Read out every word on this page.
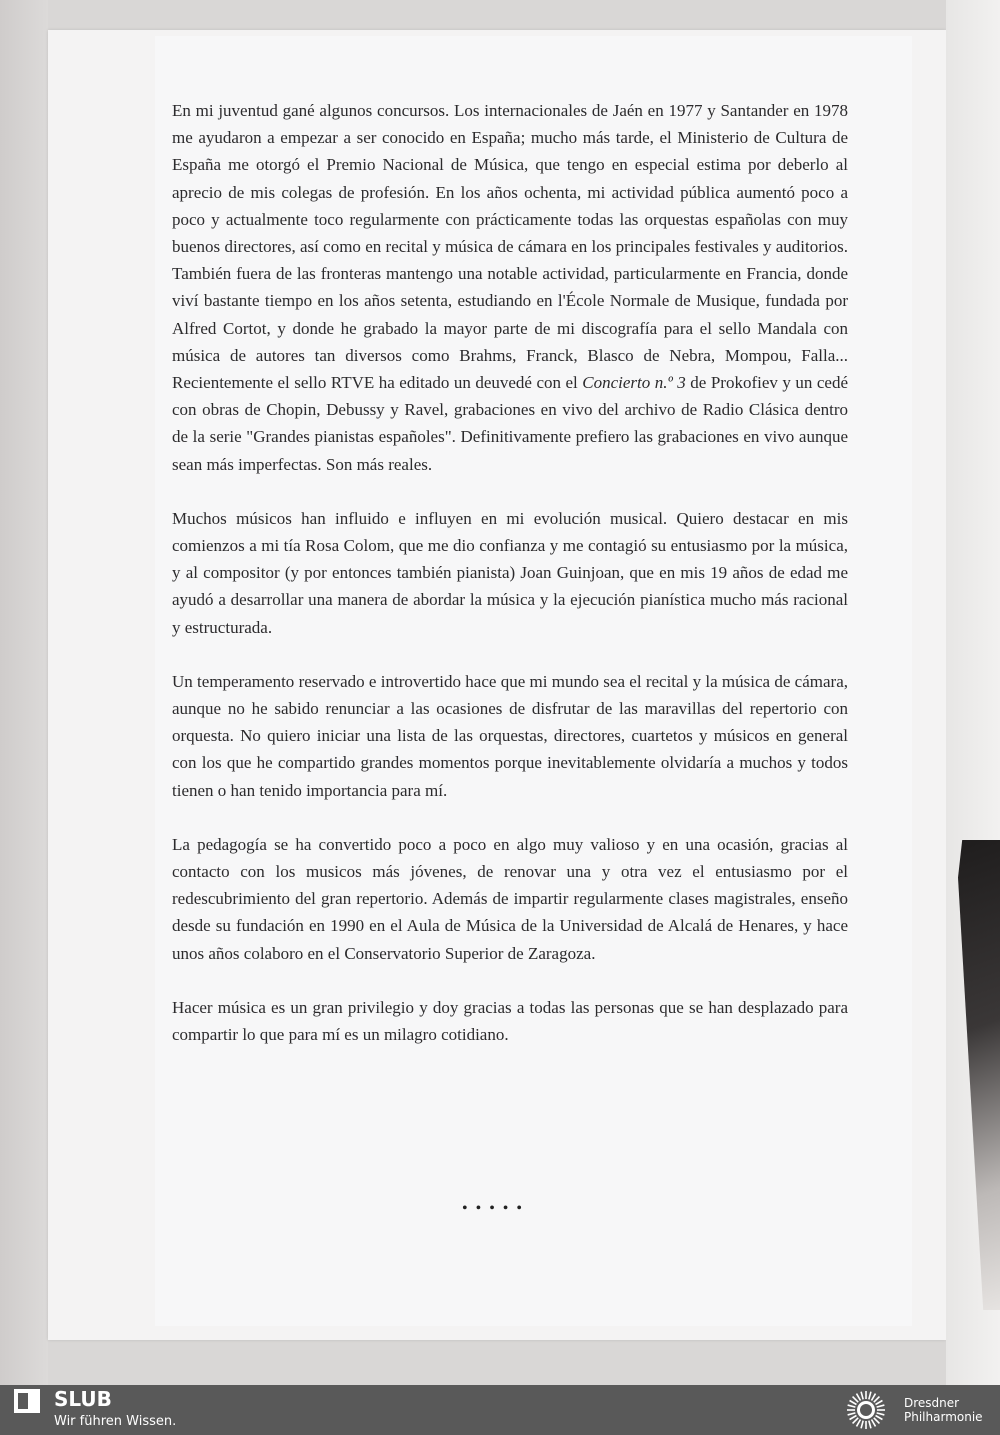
En mi juventud gané algunos concursos. Los internacionales de Jaén en 1977 y Santander en 1978 me ayudaron a empezar a ser conocido en España; mucho más tarde, el Ministerio de Cultura de España me otorgó el Premio Nacional de Música, que tengo en especial estima por deberlo al aprecio de mis colegas de profesión. En los años ochenta, mi actividad pública aumentó poco a poco y actualmente toco regularmente con prácticamente todas las orquestas españolas con muy buenos directores, así como en recital y música de cámara en los principales festivales y auditorios. También fuera de las fronteras mantengo una notable actividad, particularmente en Francia, donde viví bastante tiempo en los años setenta, estudiando en l'École Normale de Musique, fundada por Alfred Cortot, y donde he grabado la mayor parte de mi discografía para el sello Mandala con música de autores tan diversos como Brahms, Franck, Blasco de Nebra, Mompou, Falla... Recientemente el sello RTVE ha editado un deuvedé con el Concierto n.º 3 de Prokofiev y un cedé con obras de Chopin, Debussy y Ravel, grabaciones en vivo del archivo de Radio Clásica dentro de la serie "Grandes pianistas españoles". Definitivamente prefiero las grabaciones en vivo aunque sean más imperfectas. Son más reales.

Muchos músicos han influido e influyen en mi evolución musical. Quiero destacar en mis comienzos a mi tía Rosa Colom, que me dio confianza y me contagió su entusiasmo por la música, y al compositor (y por entonces también pianista) Joan Guinjoan, que en mis 19 años de edad me ayudó a desarrollar una manera de abordar la música y la ejecución pianística mucho más racional y estructurada.

Un temperamento reservado e introvertido hace que mi mundo sea el recital y la música de cámara, aunque no he sabido renunciar a las ocasiones de disfrutar de las maravillas del repertorio con orquesta. No quiero iniciar una lista de las orquestas, directores, cuartetos y músicos en general con los que he compartido grandes momentos porque inevitablemente olvidaría a muchos y todos tienen o han tenido importancia para mí.

La pedagogía se ha convertido poco a poco en algo muy valioso y en una ocasión, gracias al contacto con los musicos más jóvenes, de renovar una y otra vez el entusiasmo por el redescubrimiento del gran repertorio. Además de impartir regularmente clases magistrales, enseño desde su fundación en 1990 en el Aula de Música de la Universidad de Alcalá de Henares, y hace unos años colaboro en el Conservatorio Superior de Zaragoza.

Hacer música es un gran privilegio y doy gracias a todas las personas que se han desplazado para compartir lo que para mí es un milagro cotidiano.

•••••
SLUB
Wir führen Wissen.
Dresdner
Philharmonie
